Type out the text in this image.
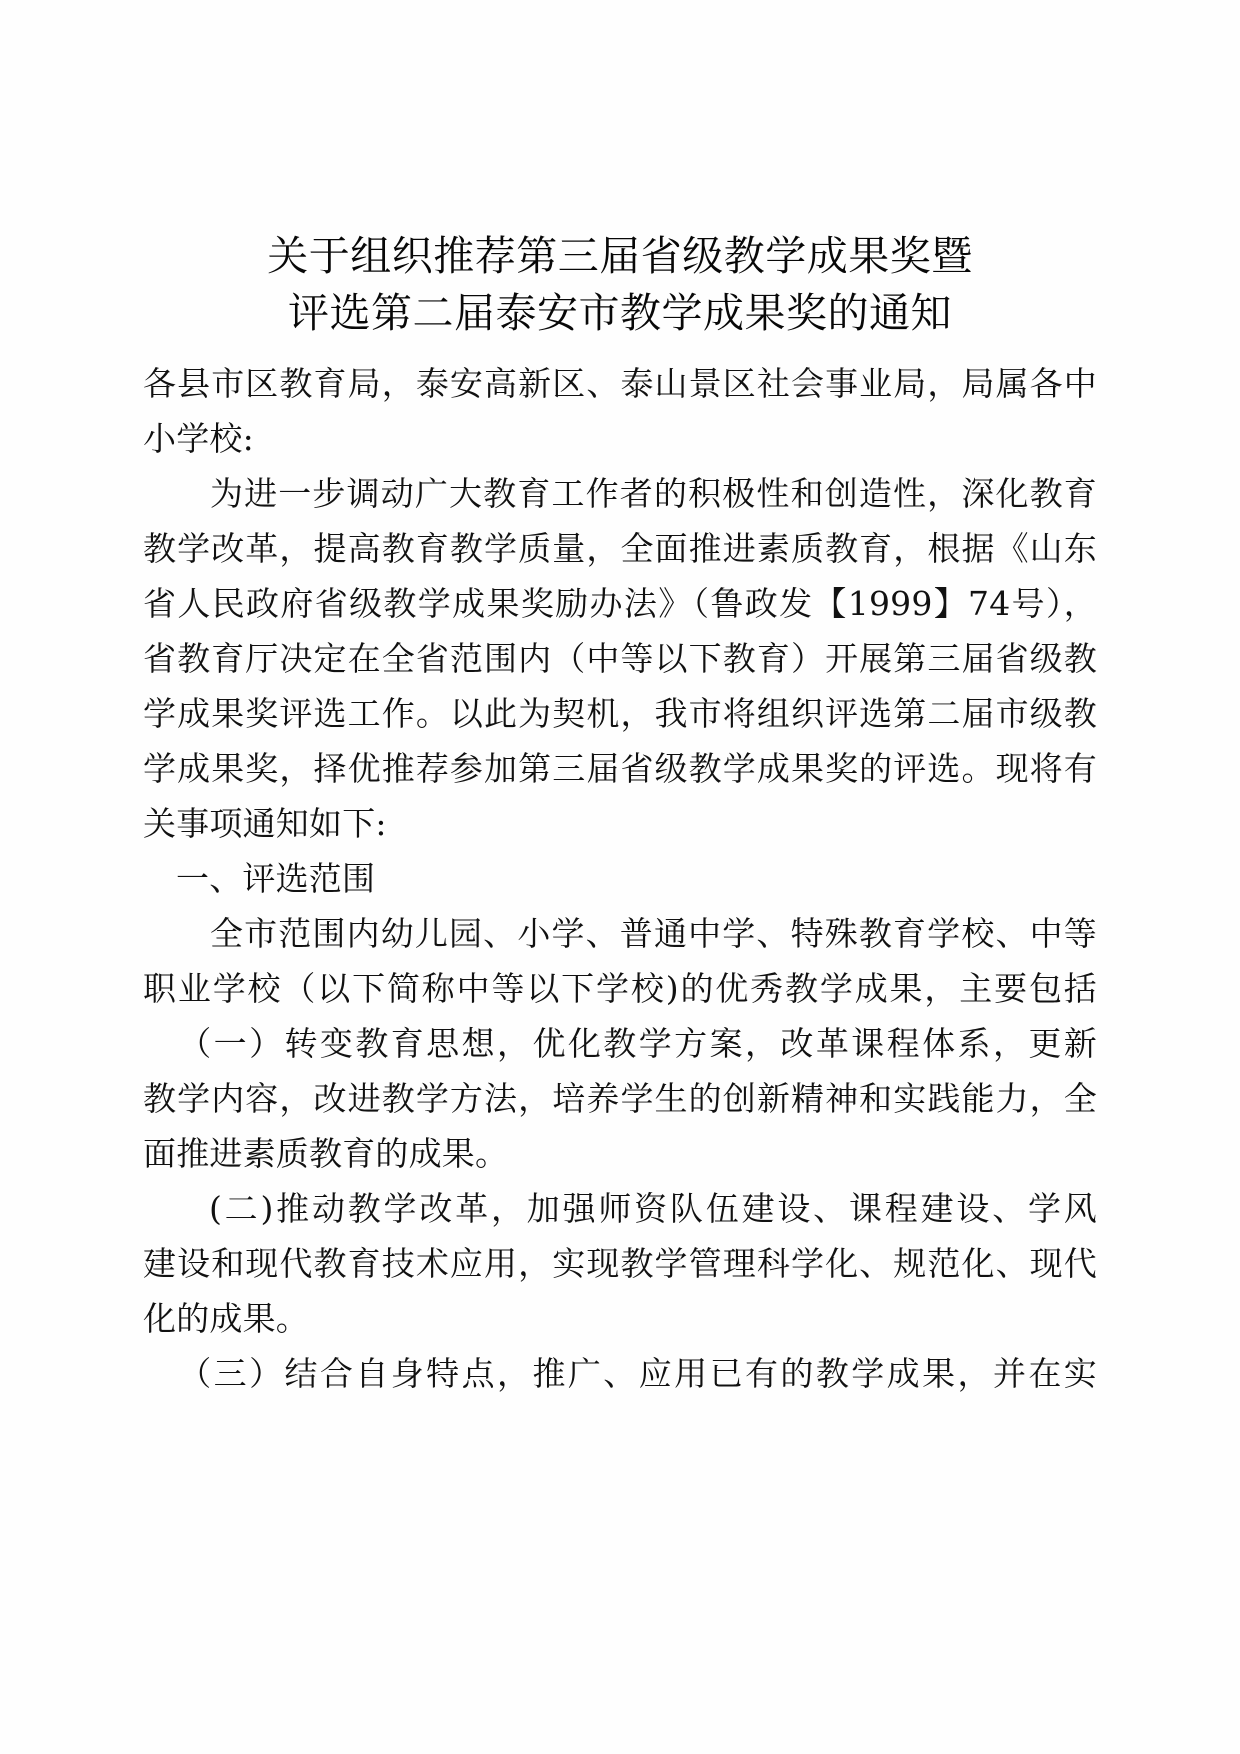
关于组织推荐第三届省级教学成果奖暨
评选第二届泰安市教学成果奖的通知
各县市区教育局，泰安高新区、泰山景区社会事业局，局属各中
小学校:
为进一步调动广大教育工作者的积极性和创造性，深化教育
教学改革，提高教育教学质量，全面推进素质教育，根据《山东
省人民政府省级教学成果奖励办法》（鲁政发【1999】74号），
省教育厅决定在全省范围内（中等以下教育）开展第三届省级教
学成果奖评选工作。以此为契机，我市将组织评选第二届市级教
学成果奖，择优推荐参加第三届省级教学成果奖的评选。现将有
关事项通知如下:
一、评选范围
全市范围内幼儿园、小学、普通中学、特殊教育学校、中等
职业学校（以下简称中等以下学校)的优秀教学成果，主要包括
（一）转变教育思想，优化教学方案，改革课程体系，更新
教学内容，改进教学方法，培养学生的创新精神和实践能力，全
面推进素质教育的成果。
(二)推动教学改革，加强师资队伍建设、课程建设、学风
建设和现代教育技术应用，实现教学管理科学化、规范化、现代
化的成果。
（三）结合自身特点，推广、应用已有的教学成果，并在实
